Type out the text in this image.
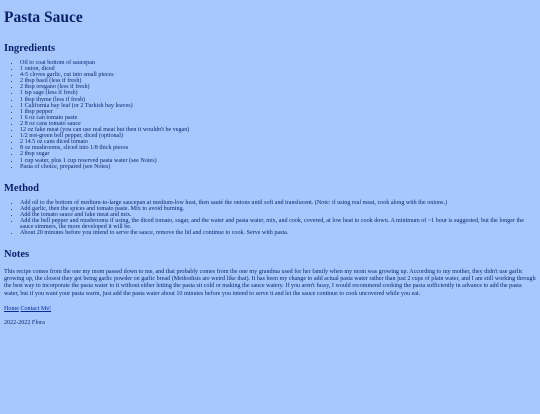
Pasta Sauce
Ingredients
• Oil to coat bottom of saucepan
• 1 onion, diced
• 4-5 cloves garlic, cut into small pieces
• 2 tbsp basil (less if fresh)
• 2 tbsp oregano (less if fresh)
• 1 tsp sage (less if fresh)
• 1 tbsp thyme (less if fresh)
• 1 California bay leaf (or 2 Turkish bay leaves)
• 1 tbsp pepper
• 1 6 oz can tomato paste
• 2 8 oz cans tomato sauce
• 12 oz fake meat (you can use real meat but then it wouldn't be vegan)
• 1/2 not-green bell pepper, diced (optional)
• 2 14.5 oz cans diced tomato
• 8 oz mushrooms, sliced into 1/8 thick pieces
• 2 tbsp sugar
• 1 cup water, plus 1 cup reserved pasta water (see Notes)
• Pasta of choice, prepared (see Notes)
Method
• Add oil to the bottom of medium-to-large saucepan at medium-low heat, then sauté the onions until soft and translucent. (Note: if using real meat, cook along with the onions.)
• Add garlic, then the spices and tomato paste. Mix to avoid burning.
• Add the tomato sauce and fake meat and mix.
• Add the bell pepper and mushrooms if using, the diced tomato, sugar, and the water and pasta water, mix, and cook, covered, at low heat to cook down. A minimum of ~1 hour is suggested, but the longer the sauce simmers, the more developed it will be.
• About 20 minutes before you intend to serve the sauce, remove the lid and continue to cook. Serve with pasta.
Notes

This recipe comes from the one my mom passed down to me, and that probably comes from the one my grandma used for her family when my mom was growing up. According to my mother, they didn't use garlic growing up, the closest they got being garlic powder on garlic bread (Methodists are weird like that). It has been my change to add actual pasta water rather than just 2 cups of plain water, and I am still working through the best way to incorporate the pasta water to it without either letting the pasta sit cold or making the sauce watery. If you aren't fussy, I would recommend cooking the pasta sufficiently in advance to add the pasta water, but if you want your pasta warm, just add the pasta water about 10 minutes before you intend to serve it and let the sauce continue to cook uncovered while you eat.

Home Contact Me!

2022-2022 Flora
